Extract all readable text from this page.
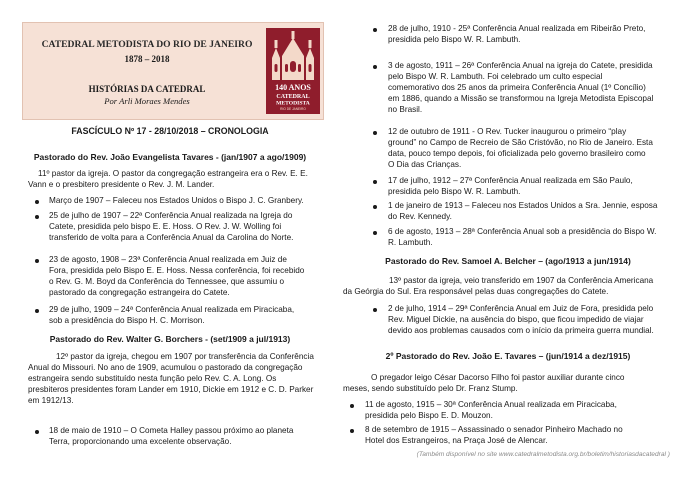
CATEDRAL METODISTA DO RIO DE JANEIRO
1878 – 2018
HISTÓRIAS DA CATEDRAL
Por Arli Moraes Mendes
140 ANOS
CATEDRAL
METODISTA
RIO DE JANEIRO
FASCÍCULO Nº 17 - 28/10/2018 – CRONOLOGIA
Pastorado do Rev. João Evangelista Tavares - (jan/1907 a ago/1909)
11º pastor da igreja. O pastor da congregação estrangeira era o Rev. E. E.
Vann e o presbitero presidente o Rev. J. M. Lander.
Março de 1907 – Faleceu nos Estados Unidos o Bispo J. C. Granbery.
25 de julho de 1907 – 22ª Conferência Anual realizada na Igreja do
Catete, presidida pelo bispo E. E. Hoss. O Rev. J. W. Wolling foi
transferido de volta para a Conferência Anual da Carolina do Norte.
23 de agosto, 1908 – 23ª Conferência Anual realizada em Juiz de
Fora, presidida pelo Bispo E. E. Hoss. Nessa conferência, foi recebido
o Rev. G. M. Boyd da Conferência do Tennessee, que assumiu o
pastorado da congregação estrangeira do Catete.
29 de julho, 1909 – 24ª Conferência Anual realizada em Piracicaba,
sob a presidência do Bispo H. C. Morrison.
Pastorado do Rev. Walter G. Borchers - (set/1909 a jul/1913)
12º pastor da igreja, chegou em 1907 por transferência da Conferência
Anual do Missouri. No ano de 1909, acumulou o pastorado da congregação
estrangeira sendo substituído nesta função pelo Rev. C. A. Long. Os
presbiteros presidentes foram Lander em 1910, Dickie em 1912 e C. D. Parker
em 1912/13.
18 de maio de 1910 – O Cometa Halley passou próximo ao planeta
Terra, proporcionando uma excelente observação.
28 de julho, 1910 - 25ª Conferência Anual realizada em Ribeirão Preto,
presidida pelo Bispo W. R. Lambuth.
3 de agosto, 1911 – 26ª Conferência Anual na igreja do Catete, presidida
pelo Bispo W. R. Lambuth. Foi celebrado um culto especial
comemorativo dos 25 anos da primeira Conferência Anual (1º Concílio)
em 1886, quando a Missão se transformou na Igreja Metodista Episcopal
no Brasil.
12 de outubro de 1911 - O Rev. Tucker inaugurou o primeiro “play
ground” no Campo de Recreio de São Cristóvão, no Rio de Janeiro. Esta
data, pouco tempo depois, foi oficializada pelo governo brasileiro como
O Dia das Crianças.
17 de julho, 1912 – 27ª Conferência Anual realizada em São Paulo,
presidida pelo Bispo W. R. Lambuth.
1 de janeiro de 1913 – Faleceu nos Estados Unidos a Sra. Jennie, esposa
do Rev. Kennedy.
6 de agosto, 1913 – 28ª Conferência Anual sob a presidência do Bispo W.
R. Lambuth.
Pastorado do Rev. Samoel A. Belcher – (ago/1913 a jun/1914)
13º pastor da igreja, veio transferido em 1907 da Conferência Americana
da Geórgia do Sul. Era responsável pelas duas congregações do Catete.
2 de julho, 1914 – 29ª Conferência Anual em Juiz de Fora, presidida pelo
Rev. Miguel Dickie, na ausência do bispo, que ficou impedido de viajar
devido aos problemas causados com o início da primeira guerra mundial.
2º Pastorado do Rev. João E. Tavares – (jun/1914 a dez/1915)
O pregador leigo César Dacorso Filho foi pastor auxiliar durante cinco
meses, sendo substituído pelo Dr. Franz Stump.
11 de agosto, 1915 – 30ª Conferência Anual realizada em Piracicaba,
presidida pelo Bispo E. D. Mouzon.
8 de setembro de 1915 – Assassinado o senador Pinheiro Machado no
Hotel dos Estrangeiros, na Praça José de Alencar.
(Também disponível no site www.catedralmetodista.org.br/boletim/historiasdacatedral )
